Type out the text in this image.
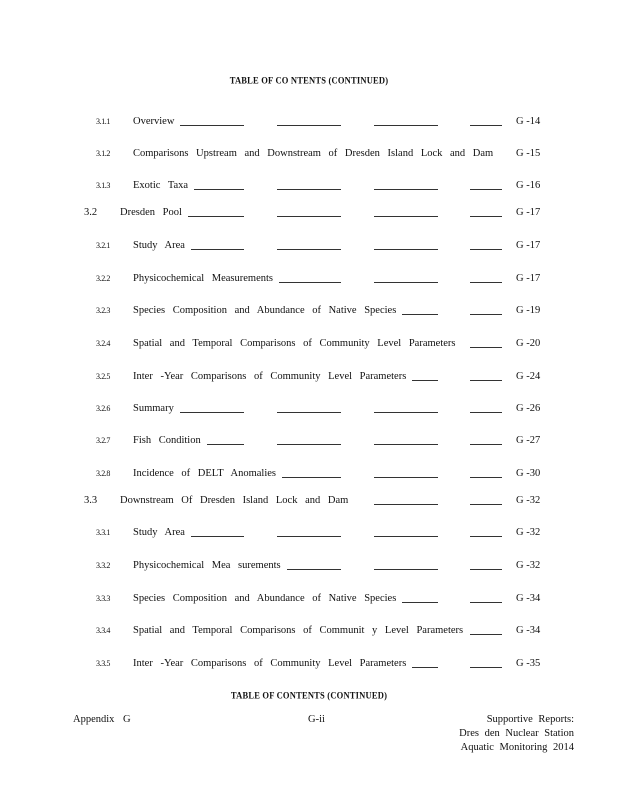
TABLE OF CO NTENTS (CONTINUED)
3.1.1 Overview	G -14
3.1.2 Comparisons Upstream and Downstream of Dresden Island Lock and Dam G -15
3.1.3 Exotic Taxa	G -16
3.2 Dresden Pool	G -17
3.2.1 Study Area	G -17
3.2.2 Physicochemical Measurements	G -17
3.2.3 Species Composition and Abundance of Native Species	G -19
3.2.4 Spatial and Temporal Comparisons of Community Level Parameters	G -20
3.2.5 Inter -Year Comparisons of Community Level Parameters	G -24
3.2.6 Summary	G -26
3.2.7 Fish Condition	G -27
3.2.8 Incidence of DELT Anomalies	G -30
3.3 Downstream Of Dresden Island Lock and Dam	G -32
3.3.1 Study Area	G -32
3.3.2 Physicochemical Mea surements	G -32
3.3.3 Species Composition and Abundance of Native Species	G -34
3.3.4 Spatial and Temporal Comparisons of Communit y Level Parameters	G -34
3.3.5 Inter -Year Comparisons of Community Level Parameters	G -35
TABLE OF CONTENTS (CONTINUED)
Appendix G	G-ii	Supportive Reports:
Dres den Nuclear Station
Aquatic Monitoring 2014
